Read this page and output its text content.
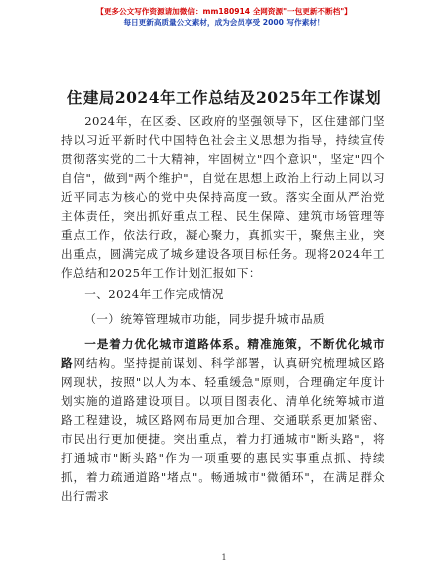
【更多公文写作资源请加微信：mm180914 全网资源"一包更新不断档"】
每日更新高质量公文素材，成为会员享受 2000 写作素材！
住建局2024年工作总结及2025年工作谋划

2024年，在区委、区政府的坚强领导下，区住建部门坚持以习近平新时代中国特色社会主义思想为指导，持续宣传贯彻落实党的二十大精神，牢固树立"四个意识"，坚定"四个自信"，做到"两个维护"，自觉在思想上政治上行动上同以习近平同志为核心的党中央保持高度一致。落实全面从严治党主体责任，突出抓好重点工程、民生保障、建筑市场管理等重点工作，依法行政，凝心聚力，真抓实干，聚焦主业，突出重点，圆满完成了城乡建设各项目标任务。现将2024年工作总结和2025年工作计划汇报如下：

一、2024年工作完成情况

（一）统筹管理城市功能，同步提升城市品质

一是着力优化城市道路体系。精准施策，不断优化城市路网结构。坚持提前谋划、科学部署，认真研究梳理城区路网现状，按照"以人为本、轻重缓急"原则，合理确定年度计划实施的道路建设项目。以项目图表化、清单化统筹城市道路工程建设，城区路网布局更加合理、交通联系更加紧密、市民出行更加便捷。突出重点，着力打通城市"断头路"，将打通城市"断头路"作为一项重要的惠民实事重点抓、持续抓，着力疏通道路"堵点"。畅通城市"微循环"，在满足群众出行需求

1
